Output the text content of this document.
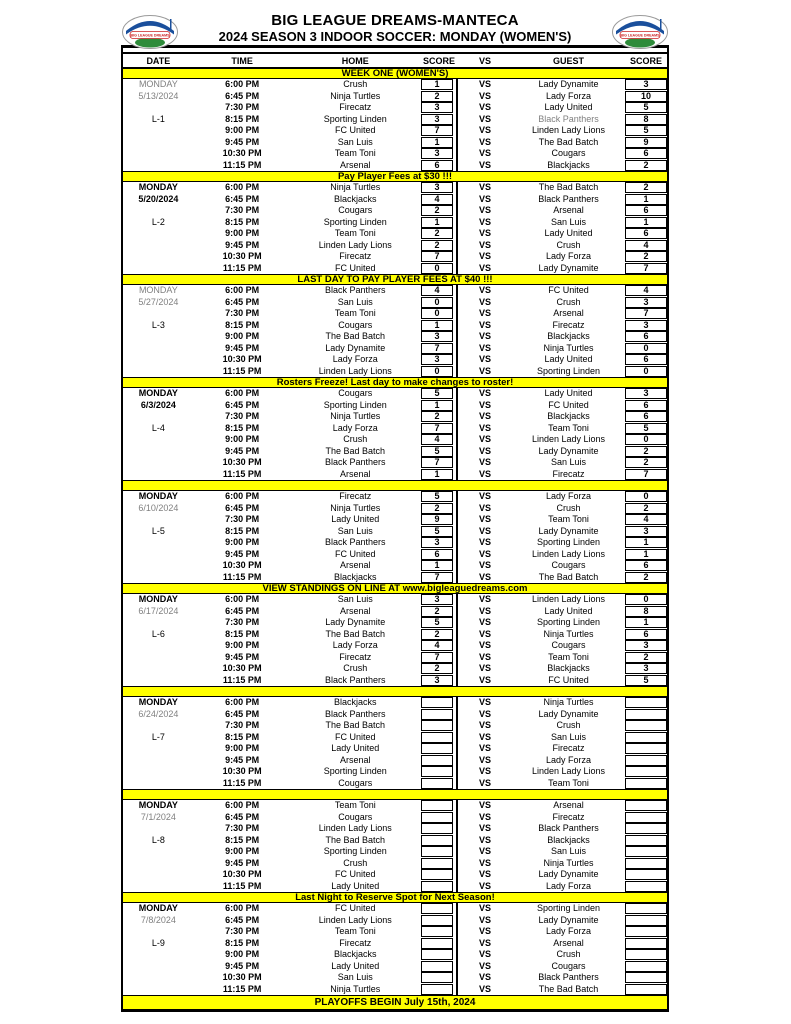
BIG LEAGUE DREAMS
BIG LEAGUE DREAMS-MANTECA
2024 SEASON 3 INDOOR SOCCER: MONDAY (WOMEN'S)	BIG LEAGUE DREAMS
DATE	TIME	HOME	SCORE	VS	GUEST	SCORE
WEEK ONE (WOMEN'S)
MONDAY	6:00 PM	Crush	1	VS	Lady Dynamite	3
5/13/2024	6:45 PM	Ninja Turtles	2	VS	Lady Forza	10
7:30 PM	Firecatz	3	VS	Lady United	5
L-1	8:15 PM	Sporting Linden	3	VS	Black Panthers	8
9:00 PM	FC United	7	VS	Linden Lady Lions	5
9:45 PM	San Luis	1	VS	The Bad Batch	9
10:30 PM	Team Toni	3	VS	Cougars	6
11:15 PM	Arsenal	6	VS	Blackjacks	2
Pay Player Fees at $30 !!!
MONDAY	6:00 PM	Ninja Turtles	3	VS	The Bad Batch	2
5/20/2024	6:45 PM	Blackjacks	4	VS	Black Panthers	1
7:30 PM	Cougars	2	VS	Arsenal	6
L-2	8:15 PM	Sporting Linden	1	VS	San Luis	1
9:00 PM	Team Toni	2	VS	Lady United	6
9:45 PM	Linden Lady Lions	2	VS	Crush	4
10:30 PM	Firecatz	7	VS	Lady Forza	2
11:15 PM	FC United	0	VS	Lady Dynamite	7
LAST DAY TO PAY PLAYER FEES AT $40 !!!
MONDAY	6:00 PM	Black Panthers	4	VS	FC United	4
5/27/2024	6:45 PM	San Luis	0	VS	Crush	3
7:30 PM	Team Toni	0	VS	Arsenal	7
L-3	8:15 PM	Cougars	1	VS	Firecatz	3
9:00 PM	The Bad Batch	3	VS	Blackjacks	6
9:45 PM	Lady Dynamite	7	VS	Ninja Turtles	0
10:30 PM	Lady Forza	3	VS	Lady United	6
11:15 PM	Linden Lady Lions	0	VS	Sporting Linden	0
Rosters Freeze! Last day to make changes to roster!
MONDAY	6:00 PM	Cougars	5	VS	Lady United	3
6/3/2024	6:45 PM	Sporting Linden	1	VS	FC United	6
7:30 PM	Ninja Turtles	2	VS	Blackjacks	6
L-4	8:15 PM	Lady Forza	7	VS	Team Toni	5
9:00 PM	Crush	4	VS	Linden Lady Lions	0
9:45 PM	The Bad Batch	5	VS	Lady Dynamite	2
10:30 PM	Black Panthers	7	VS	San Luis	2
11:15 PM	Arsenal	1	VS	Firecatz	7
MONDAY	6:00 PM	Firecatz	5	VS	Lady Forza	0
6/10/2024	6:45 PM	Ninja Turtles	2	VS	Crush	2
7:30 PM	Lady United	9	VS	Team Toni	4
L-5	8:15 PM	San Luis	5	VS	Lady Dynamite	3
9:00 PM	Black Panthers	3	VS	Sporting Linden	1
9:45 PM	FC United	6	VS	Linden Lady Lions	1
10:30 PM	Arsenal	1	VS	Cougars	6
11:15 PM	Blackjacks	7	VS	The Bad Batch	2
VIEW STANDINGS ON LINE AT www.bigleaguedreams.com
MONDAY	6:00 PM	San Luis	3	VS	Linden Lady Lions	0
6/17/2024	6:45 PM	Arsenal	2	VS	Lady United	8
7:30 PM	Lady Dynamite	5	VS	Sporting Linden	1
L-6	8:15 PM	The Bad Batch	2	VS	Ninja Turtles	6
9:00 PM	Lady Forza	4	VS	Cougars	3
9:45 PM	Firecatz	7	VS	Team Toni	2
10:30 PM	Crush	2	VS	Blackjacks	3
11:15 PM	Black Panthers	3	VS	FC United	5
MONDAY	6:00 PM	Blackjacks	VS	Ninja Turtles
6/24/2024	6:45 PM	Black Panthers	VS	Lady Dynamite
7:30 PM	The Bad Batch	VS	Crush
L-7	8:15 PM	FC United	VS	San Luis
9:00 PM	Lady United	VS	Firecatz
9:45 PM	Arsenal	VS	Lady Forza
10:30 PM	Sporting Linden	VS	Linden Lady Lions
11:15 PM	Cougars	VS	Team Toni
MONDAY	6:00 PM	Team Toni	VS	Arsenal
7/1/2024	6:45 PM	Cougars	VS	Firecatz
7:30 PM	Linden Lady Lions	VS	Black Panthers
L-8	8:15 PM	The Bad Batch	VS	Blackjacks
9:00 PM	Sporting Linden	VS	San Luis
9:45 PM	Crush	VS	Ninja Turtles
10:30 PM	FC United	VS	Lady Dynamite
11:15 PM	Lady United	VS	Lady Forza
Last Night to Reserve Spot for Next Season!
MONDAY	6:00 PM	FC United	VS	Sporting Linden
7/8/2024	6:45 PM	Linden Lady Lions	VS	Lady Dynamite
7:30 PM	Team Toni	VS	Lady Forza
L-9	8:15 PM	Firecatz	VS	Arsenal
9:00 PM	Blackjacks	VS	Crush
9:45 PM	Lady United	VS	Cougars
10:30 PM	San Luis	VS	Black Panthers
11:15 PM	Ninja Turtles	VS	The Bad Batch
PLAYOFFS BEGIN July 15th, 2024
